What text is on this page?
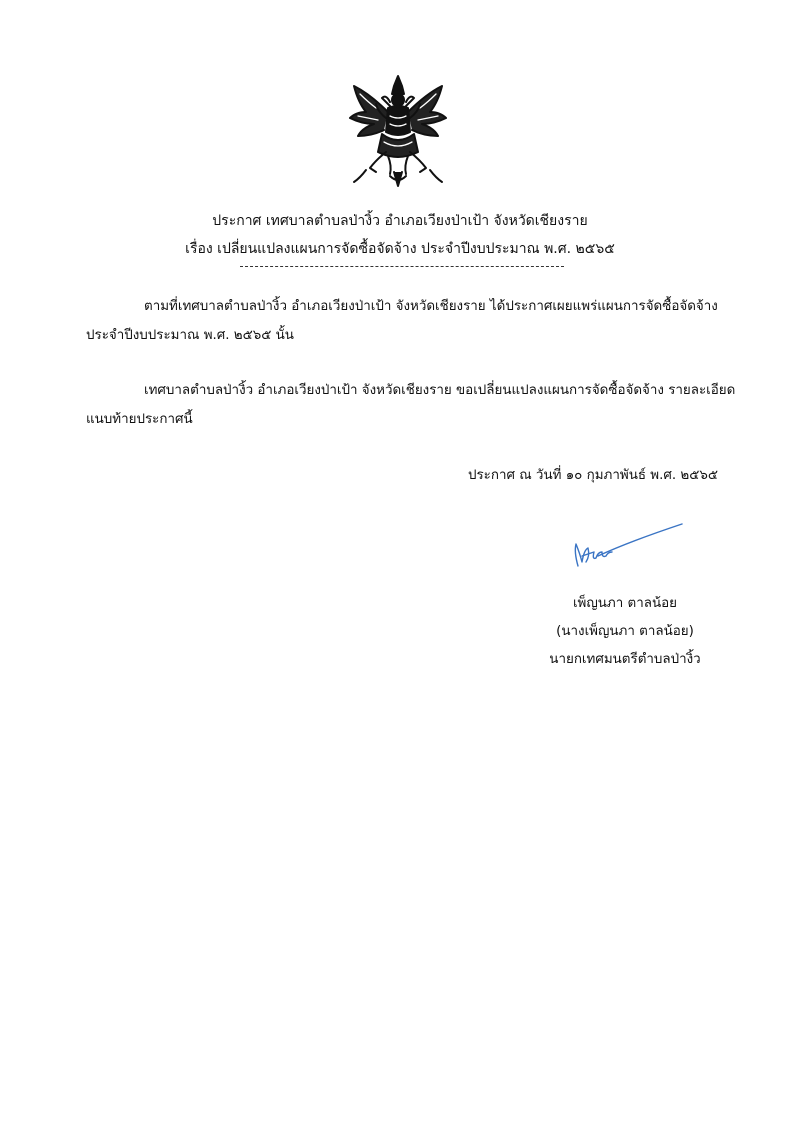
ประกาศ เทศบาลตำบลป่างิ้ว อำเภอเวียงป่าเป้า จังหวัดเชียงราย
เรื่อง เปลี่ยนแปลงแผนการจัดซื้อจัดจ้าง ประจำปีงบประมาณ พ.ศ. ๒๕๖๕
ตามที่เทศบาลตำบลป่างิ้ว อำเภอเวียงป่าเป้า จังหวัดเชียงราย ได้ประกาศเผยแพร่แผนการจัดซื้อจัดจ้าง
ประจำปีงบประมาณ พ.ศ. ๒๕๖๕ นั้น
เทศบาลตำบลป่างิ้ว อำเภอเวียงป่าเป้า จังหวัดเชียงราย ขอเปลี่ยนแปลงแผนการจัดซื้อจัดจ้าง รายละเอียด
แนบท้ายประกาศนี้
ประกาศ ณ วันที่ ๑๐ กุมภาพันธ์ พ.ศ. ๒๕๖๕
เพ็ญนภา ตาลน้อย
(นางเพ็ญนภา ตาลน้อย)
นายกเทศมนตรีตำบลป่างิ้ว
